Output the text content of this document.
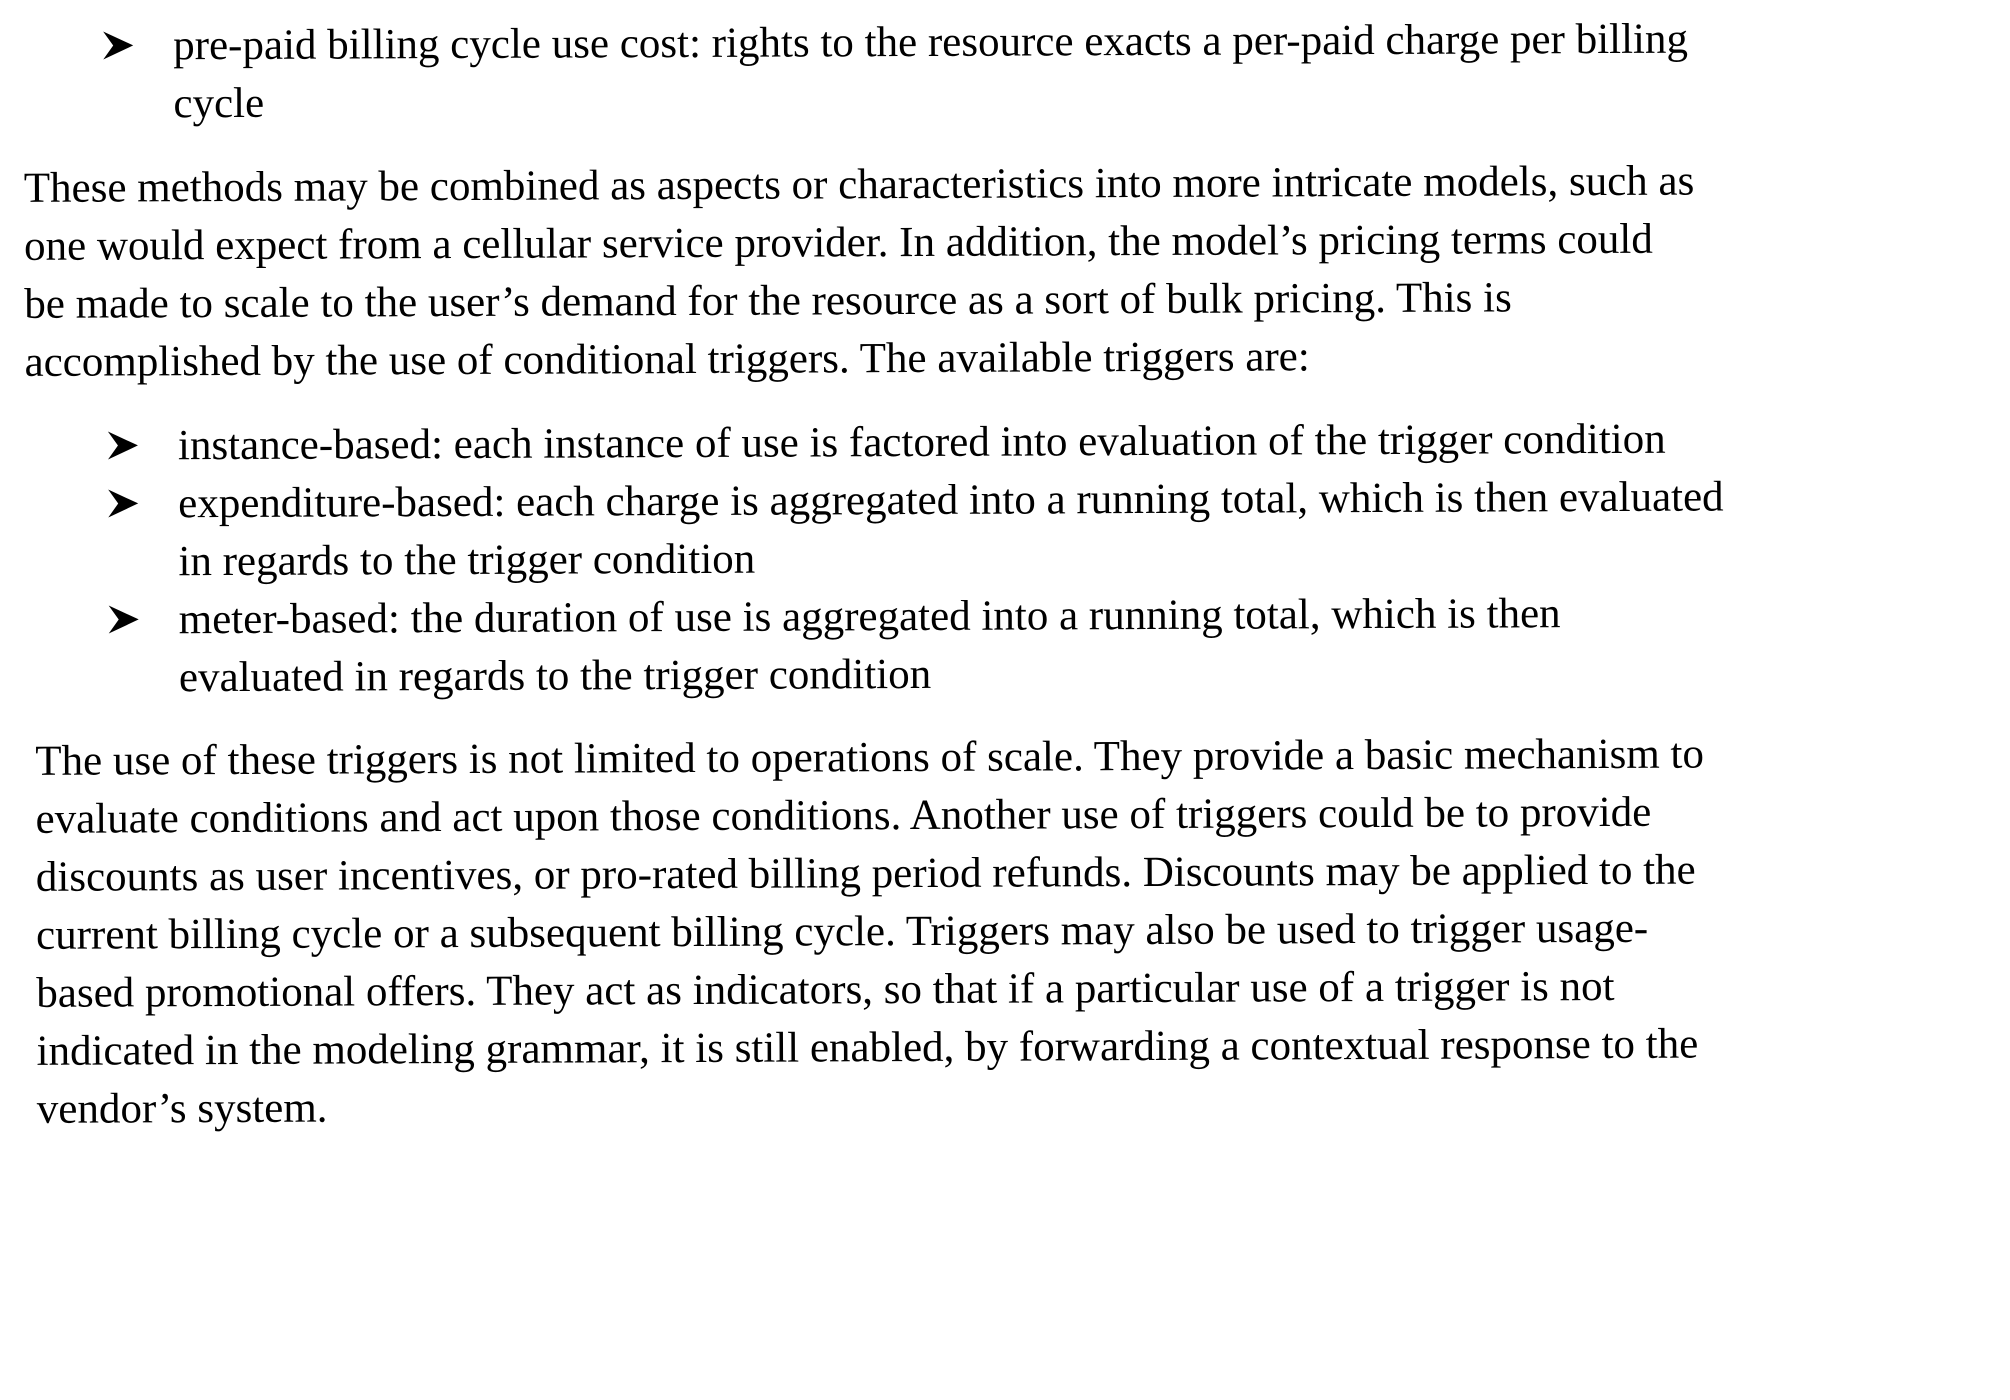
pre-paid billing cycle use cost: rights to the resource exacts a per-paid charge per billing
cycle
These methods may be combined as aspects or characteristics into more intricate models, such as
one would expect from a cellular service provider. In addition, the model’s pricing terms could
be made to scale to the user’s demand for the resource as a sort of bulk pricing. This is
accomplished by the use of conditional triggers. The available triggers are:
instance-based: each instance of use is factored into evaluation of the trigger condition
expenditure-based: each charge is aggregated into a running total, which is then evaluated
in regards to the trigger condition
meter-based: the duration of use is aggregated into a running total, which is then
evaluated in regards to the trigger condition
The use of these triggers is not limited to operations of scale. They provide a basic mechanism to
evaluate conditions and act upon those conditions. Another use of triggers could be to provide
discounts as user incentives, or pro-rated billing period refunds. Discounts may be applied to the
current billing cycle or a subsequent billing cycle. Triggers may also be used to trigger usage-
based promotional offers. They act as indicators, so that if a particular use of a trigger is not
indicated in the modeling grammar, it is still enabled, by forwarding a contextual response to the
vendor’s system.
